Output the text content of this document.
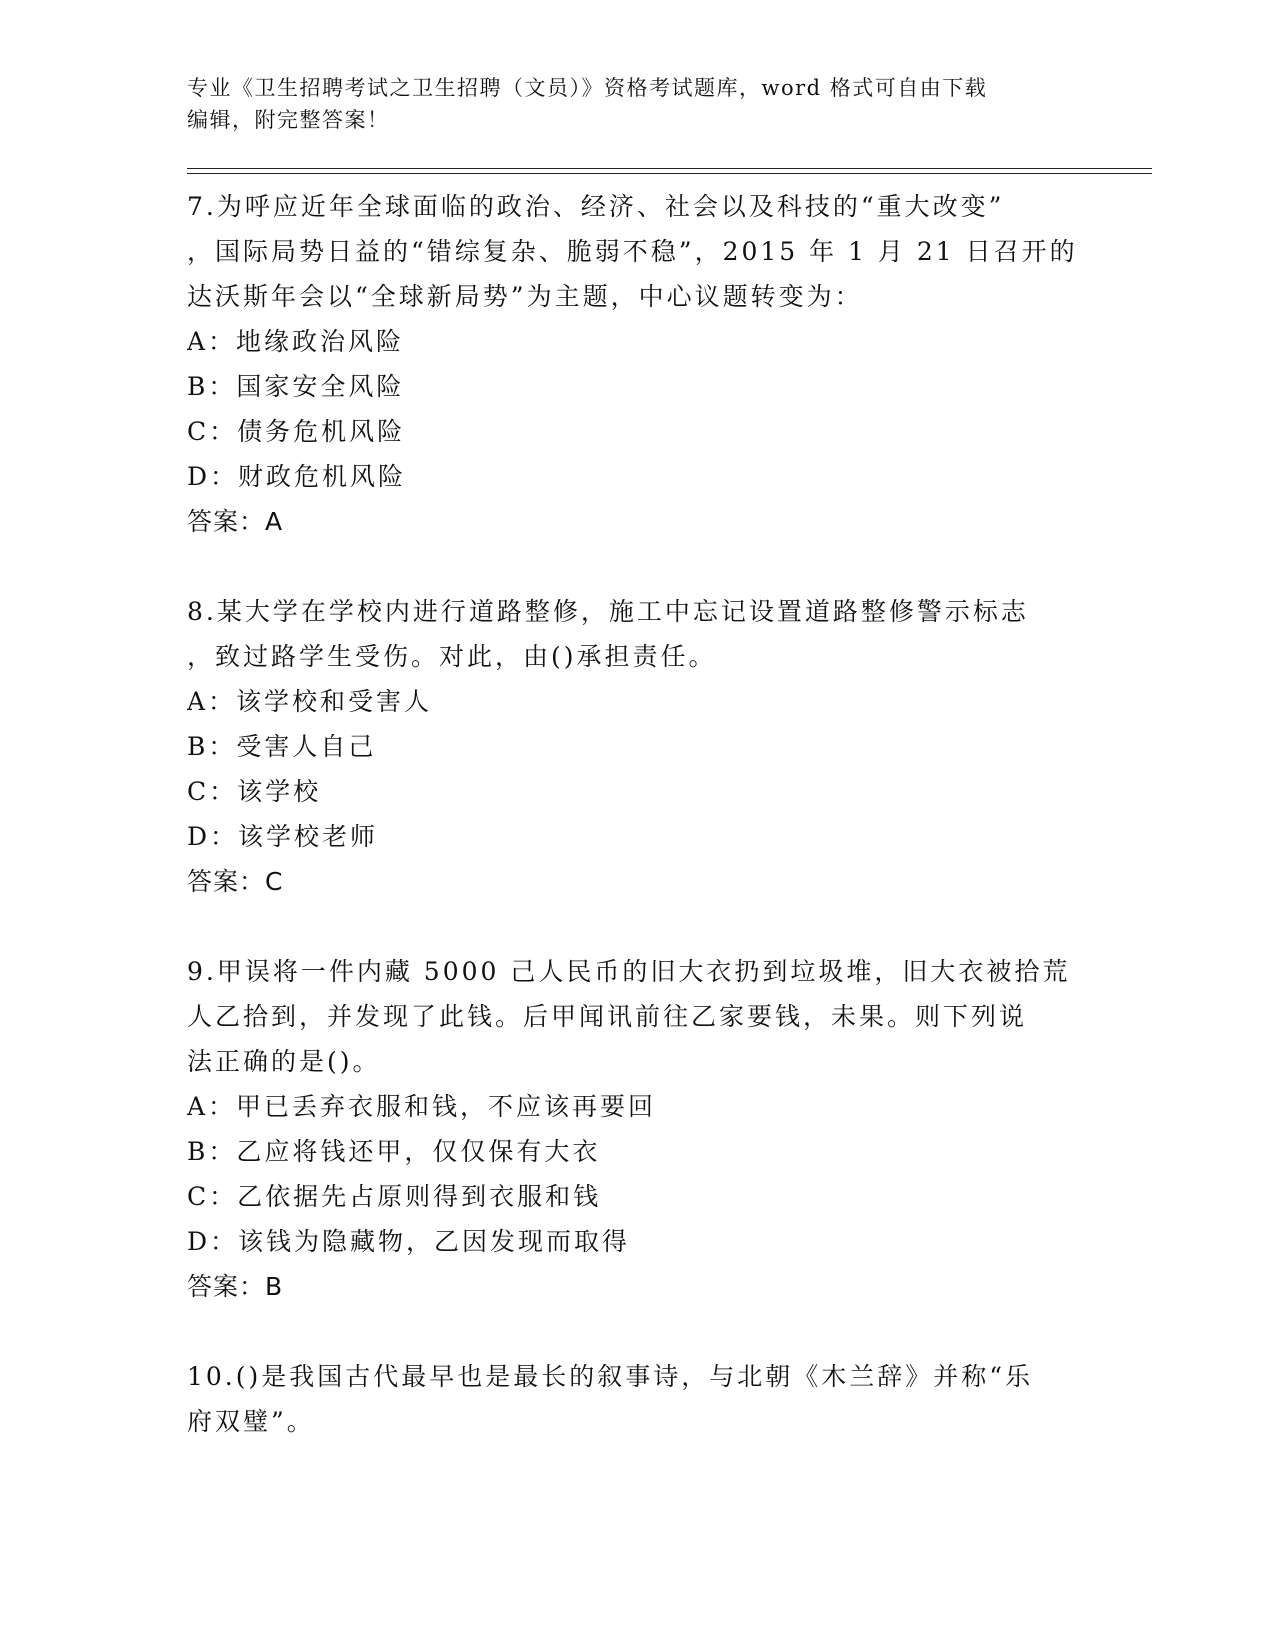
专业《卫生招聘考试之卫生招聘（文员）》资格考试题库，word 格式可自由下载

编辑，附完整答案！

7.为呼应近年全球面临的政治、经济、社会以及科技的“重大改变”
，国际局势日益的“错综复杂、脆弱不稳”，2015 年 1 月 21 日召开的
达沃斯年会以“全球新局势”为主题，中心议题转变为：
A：地缘政治风险
B：国家安全风险
C：债务危机风险
D：财政危机风险
答案：A
8.某大学在学校内进行道路整修，施工中忘记设置道路整修警示标志
，致过路学生受伤。对此，由()承担责任。
A：该学校和受害人
B：受害人自己
C：该学校
D：该学校老师
答案：C
9.甲误将一件内藏 5000 己人民币的旧大衣扔到垃圾堆，旧大衣被拾荒
人乙拾到，并发现了此钱。后甲闻讯前往乙家要钱，未果。则下列说
法正确的是()。
A：甲已丢弃衣服和钱，不应该再要回
B：乙应将钱还甲，仅仅保有大衣
C：乙依据先占原则得到衣服和钱
D：该钱为隐藏物，乙因发现而取得
答案：B
10.()是我国古代最早也是最长的叙事诗，与北朝《木兰辞》并称“乐
府双璧”。
